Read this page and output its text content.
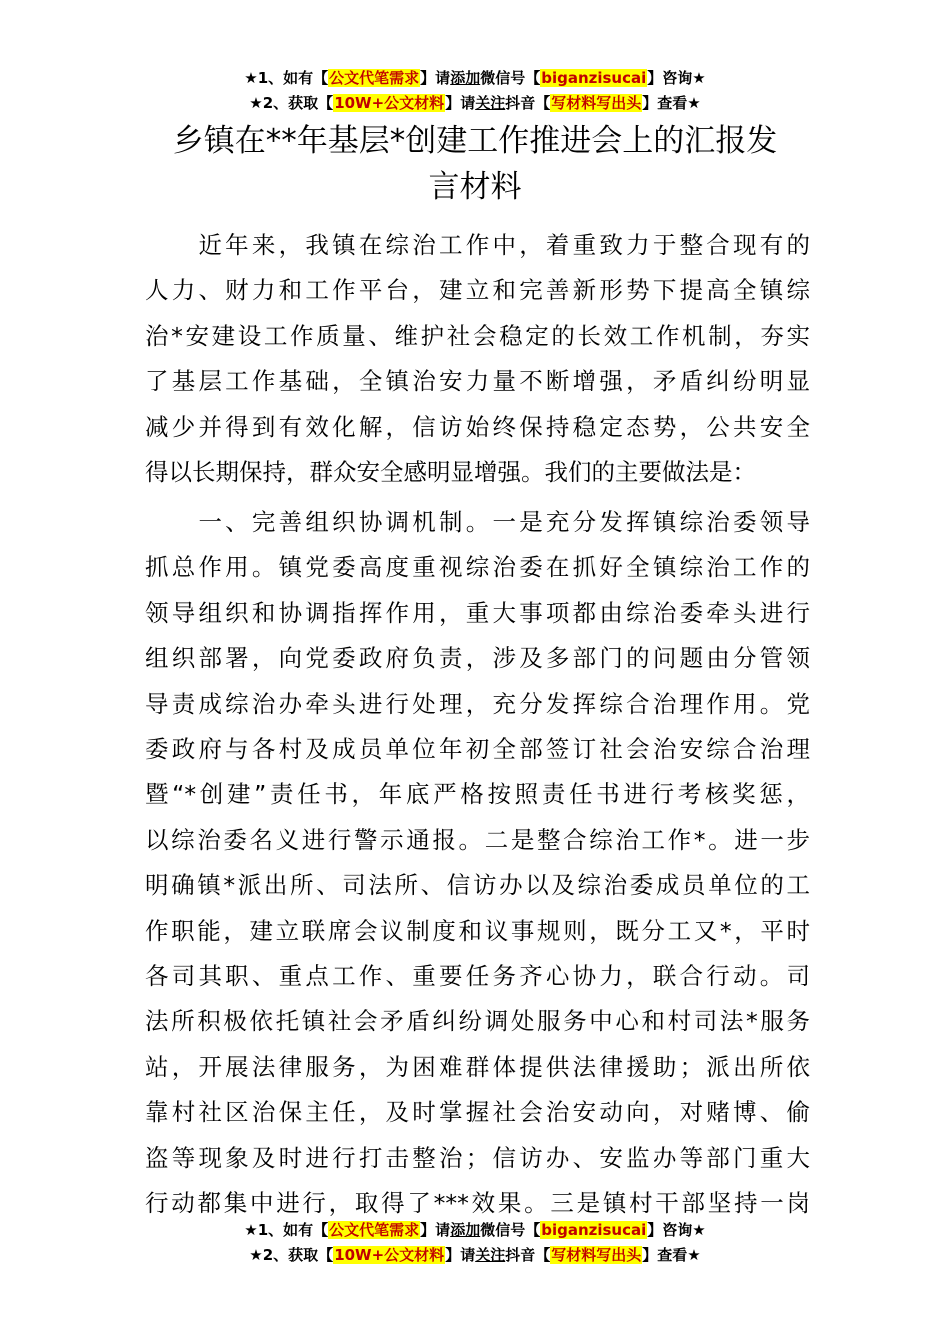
★1、如有【公文代笔需求】请添加微信号【biganzisucai】咨询★
★2、获取【10W+公文材料】请关注抖音【写材料写出头】查看★
乡镇在**年基层*创建工作推进会上的汇报发
言材料
　　近年来，我镇在综治工作中，着重致力于整合现有的
人力、财力和工作平台，建立和完善新形势下提高全镇综
治*安建设工作质量、维护社会稳定的长效工作机制，夯实
了基层工作基础，全镇治安力量不断增强，矛盾纠纷明显
减少并得到有效化解，信访始终保持稳定态势，公共安全
得以长期保持，群众安全感明显增强。我们的主要做法是：
　　一、完善组织协调机制。一是充分发挥镇综治委领导
抓总作用。镇党委高度重视综治委在抓好全镇综治工作的
领导组织和协调指挥作用，重大事项都由综治委牵头进行
组织部署，向党委政府负责，涉及多部门的问题由分管领
导责成综治办牵头进行处理，充分发挥综合治理作用。党
委政府与各村及成员单位年初全部签订社会治安综合治理
暨“*创建”责任书，年底严格按照责任书进行考核奖惩，
以综治委名义进行警示通报。二是整合综治工作*。进一步
明确镇*派出所、司法所、信访办以及综治委成员单位的工
作职能，建立联席会议制度和议事规则，既分工又*，平时
各司其职、重点工作、重要任务齐心协力，联合行动。司
法所积极依托镇社会矛盾纠纷调处服务中心和村司法*服务
站，开展法律服务，为困难群体提供法律援助；派出所依
靠村社区治保主任，及时掌握社会治安动向，对赌博、偷
盗等现象及时进行打击整治；信访办、安监办等部门重大
行动都集中进行，取得了***效果。三是镇村干部坚持一岗
★1、如有【公文代笔需求】请添加微信号【biganzisucai】咨询★
★2、获取【10W+公文材料】请关注抖音【写材料写出头】查看★
